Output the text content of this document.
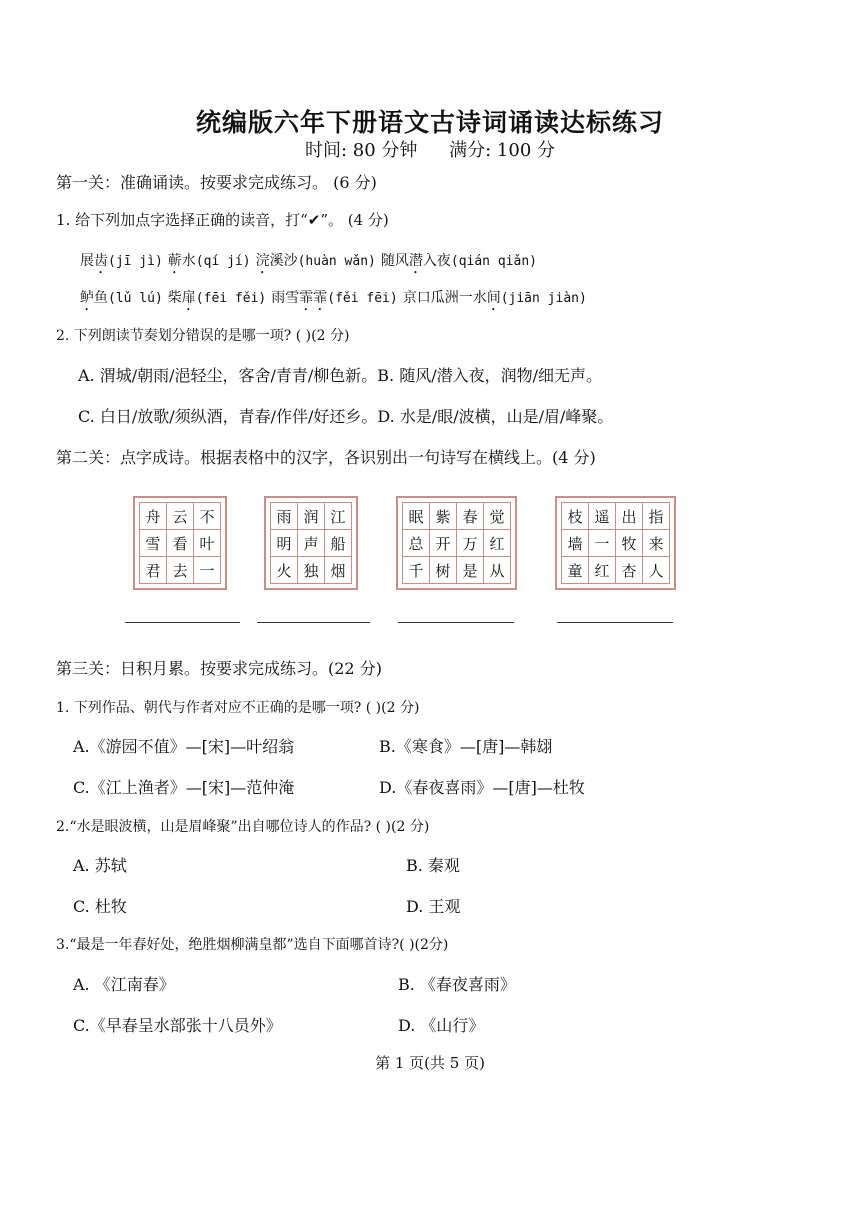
统编版六年下册语文古诗词诵读达标练习
时间: 80 分钟 满分: 100 分
第一关：准确诵读。按要求完成练习。 (6 分)
1. 给下列加点字选择正确的读音，打“✔”。 (4 分)
展齿(jī jì) 蕲水(qí jí) 浣溪沙(huàn wǎn) 随风潜入夜(qián qiǎn)
鲈鱼(lǔ lú) 柴扉(fēi fěi) 雨雪霏霏(fěi fēi) 京口瓜洲一水间(jiān jiàn)
2. 下列朗读节奏划分错误的是哪一项? ( )(2 分)
A. 渭城/朝雨/浥轻尘，客舍/青青/柳色新。B. 随风/潜入夜，润物/细无声。
C. 白日/放歌/须纵酒，青春/作伴/好还乡。D. 水是/眼/波横，山是/眉/峰聚。
第二关：点字成诗。根据表格中的汉字，各识别出一句诗写在横线上。(4 分)
舟	云	不
雪	看	叶
君	去	一
雨	润	江
明	声	船
火	独	烟
眠	紫	春	觉
总	开	万	红
千	树	是	从
枝	遥	出	指
墙	一	牧	来
童	红	杏	人
第三关：日积月累。按要求完成练习。(22 分)
1. 下列作品、朝代与作者对应不正确的是哪一项? ( )(2 分)
A.《游园不值》—[宋]—叶绍翁	B.《寒食》—[唐]—韩翃
C.《江上渔者》—[宋]—范仲淹	D.《春夜喜雨》—[唐]—杜牧
2.“水是眼波横，山是眉峰聚”出自哪位诗人的作品? ( )(2 分)
A. 苏轼	B. 秦观
C. 杜牧	D. 王观
3.“最是一年春好处，绝胜烟柳满皇都”选自下面哪首诗?( )(2分)
A. 《江南春》	B. 《春夜喜雨》
C.《早春呈水部张十八员外》	D. 《山行》
第 1 页(共 5 页)
